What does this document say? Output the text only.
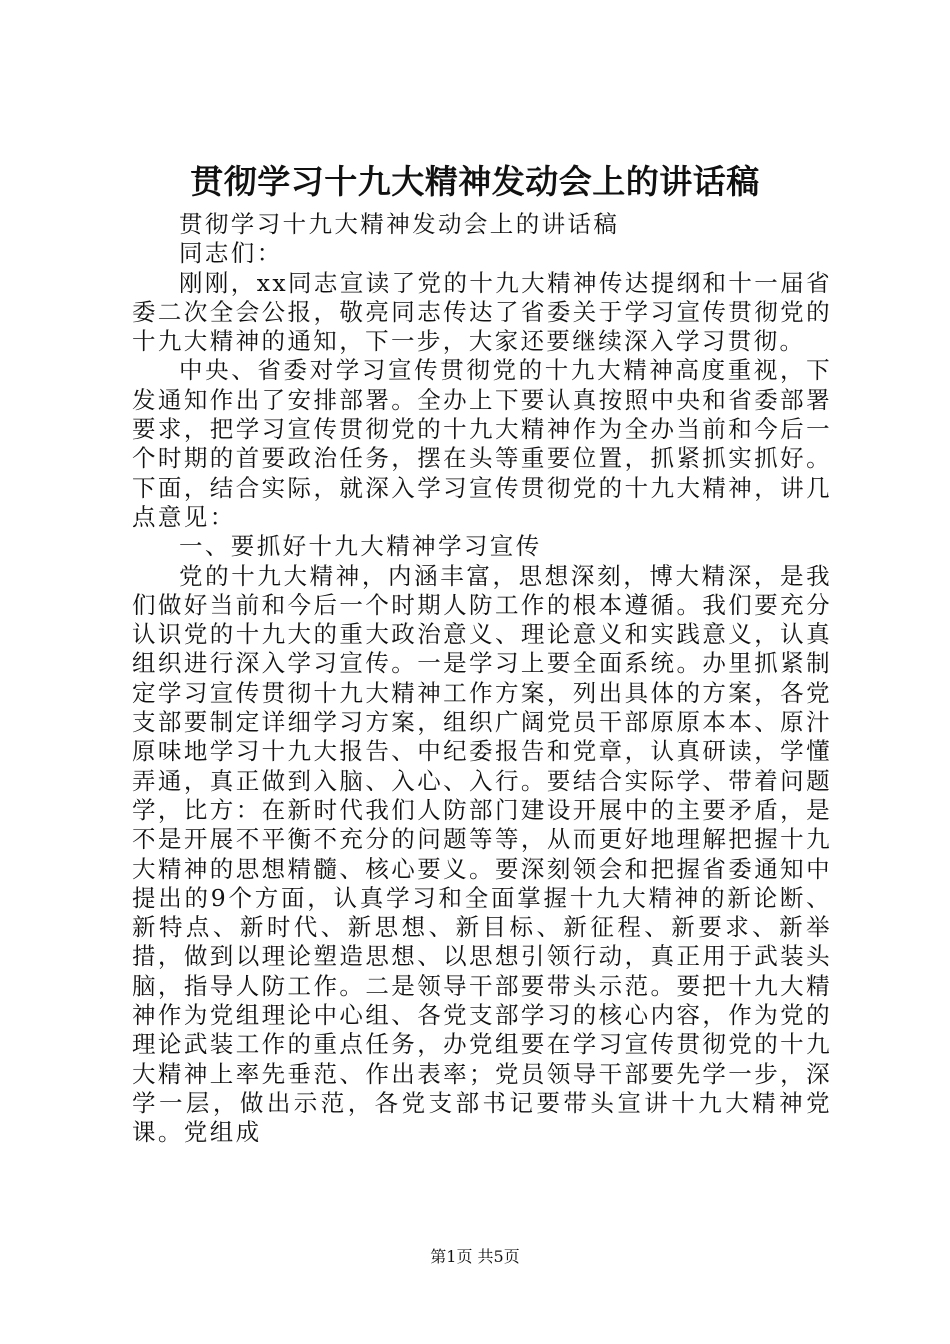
贯彻学习十九大精神发动会上的讲话稿

贯彻学习十九大精神发动会上的讲话稿

同志们：

刚刚，xx同志宣读了党的十九大精神传达提纲和十一届省委二次全会公报，敬亮同志传达了省委关于学习宣传贯彻党的十九大精神的通知，下一步，大家还要继续深入学习贯彻。

中央、省委对学习宣传贯彻党的十九大精神高度重视，下发通知作出了安排部署。全办上下要认真按照中央和省委部署要求，把学习宣传贯彻党的十九大精神作为全办当前和今后一个时期的首要政治任务，摆在头等重要位置，抓紧抓实抓好。下面，结合实际，就深入学习宣传贯彻党的十九大精神，讲几点意见：

一、要抓好十九大精神学习宣传

党的十九大精神，内涵丰富，思想深刻，博大精深，是我们做好当前和今后一个时期人防工作的根本遵循。我们要充分认识党的十九大的重大政治意义、理论意义和实践意义，认真组织进行深入学习宣传。一是学习上要全面系统。办里抓紧制定学习宣传贯彻十九大精神工作方案，列出具体的方案，各党支部要制定详细学习方案，组织广阔党员干部原原本本、原汁原味地学习十九大报告、中纪委报告和党章，认真研读，学懂弄通，真正做到入脑、入心、入行。要结合实际学、带着问题学，比方：在新时代我们人防部门建设开展中的主要矛盾，是不是开展不平衡不充分的问题等等，从而更好地理解把握十九大精神的思想精髓、核心要义。要深刻领会和把握省委通知中提出的9个方面，认真学习和全面掌握十九大精神的新论断、新特点、新时代、新思想、新目标、新征程、新要求、新举措，做到以理论塑造思想、以思想引领行动，真正用于武装头脑，指导人防工作。二是领导干部要带头示范。要把十九大精神作为党组理论中心组、各党支部学习的核心内容，作为党的理论武装工作的重点任务，办党组要在学习宣传贯彻党的十九大精神上率先垂范、作出表率；党员领导干部要先学一步，深学一层，做出示范，各党支部书记要带头宣讲十九大精神党课。党组成

第1页 共5页
